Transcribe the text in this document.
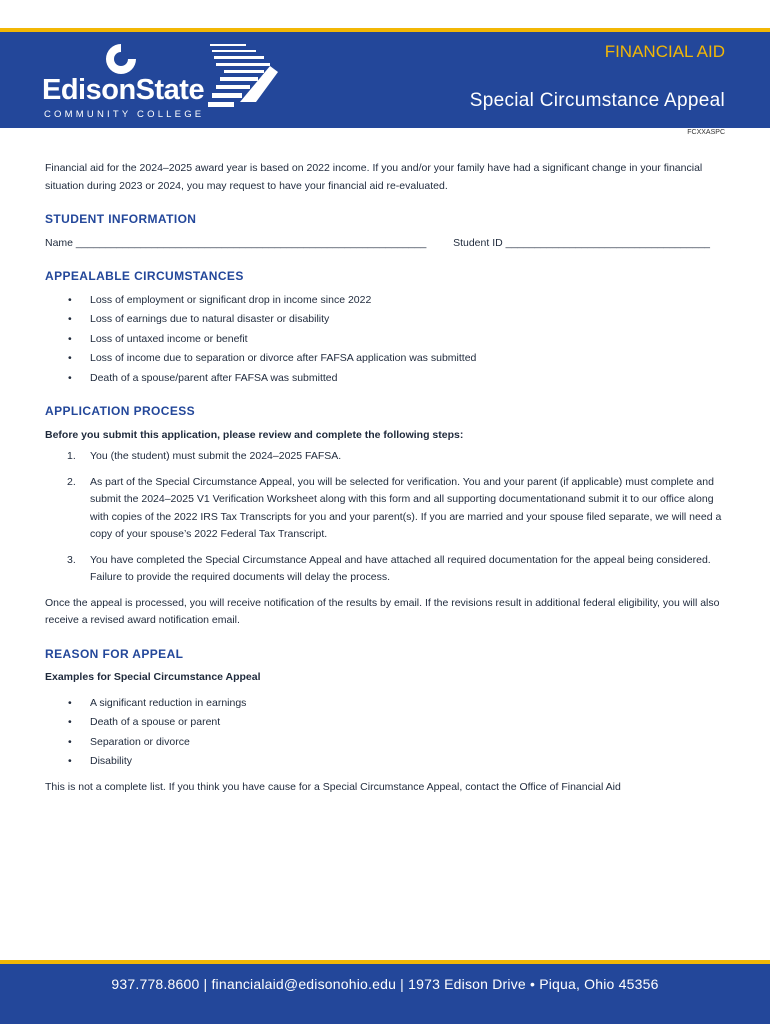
EdisonState
COMMUNITY COLLEGE
FINANCIAL AID
Special Circumstance Appeal
FCXXASPC

Financial aid for the 2024–2025 award year is based on 2022 income. If you and/or your family have had a significant change in your financial situation during 2023 or 2024, you may request to have your financial aid re-evaluated.

STUDENT INFORMATION
Name ____________________________________________________________	Student ID ___________________________________
APPEALABLE CIRCUMSTANCES
• Loss of employment or significant drop in income since 2022
• Loss of earnings due to natural disaster or disability
• Loss of untaxed income or benefit
• Loss of income due to separation or divorce after FAFSA application was submitted
• Death of a spouse/parent after FAFSA was submitted
APPLICATION PROCESS

Before you submit this application, please review and complete the following steps:

1. You (the student) must submit the 2024–2025 FAFSA.
2. As part of the Special Circumstance Appeal, you will be selected for verification. You and your parent (if applicable) must complete and submit the 2024–2025 V1 Verification Worksheet along with this form and all supporting documentationand submit it to our office along with copies of the 2022 IRS Tax Transcripts for you and your parent(s). If you are married and your spouse filed separate, we will need a copy of your spouse’s 2022 Federal Tax Transcript.
3. You have completed the Special Circumstance Appeal and have attached all required documentation for the appeal being considered. Failure to provide the required documents will delay the process.

Once the appeal is processed, you will receive notification of the results by email. If the revisions result in additional federal eligibility, you will also receive a revised award notification email.

REASON FOR APPEAL

Examples for Special Circumstance Appeal

• A significant reduction in earnings
• Death of a spouse or parent
• Separation or divorce
• Disability

This is not a complete list. If you think you have cause for a Special Circumstance Appeal, contact the Office of Financial Aid

937.778.8600 | financialaid@edisonohio.edu | 1973 Edison Drive • Piqua, Ohio 45356
